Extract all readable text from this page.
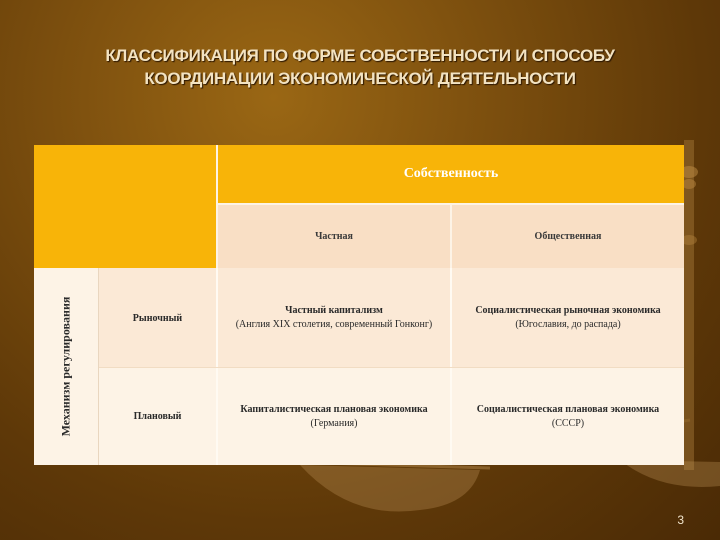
КЛАССИФИКАЦИЯ ПО ФОРМЕ СОБСТВЕННОСТИ И СПОСОБУ
КООРДИНАЦИИ ЭКОНОМИЧЕСКОЙ ДЕЯТЕЛЬНОСТИ
Собственность
Частная	Общественная
Механизм регулирования	Рыночный
Частный капитализм
(Англия XIX столетия, современный Гонконг)
Социалистическая рыночная экономика
(Югославия, до распада)
Плановый
Капиталистическая плановая экономика
(Германия)
Социалистическая плановая экономика
(СССР)
3
